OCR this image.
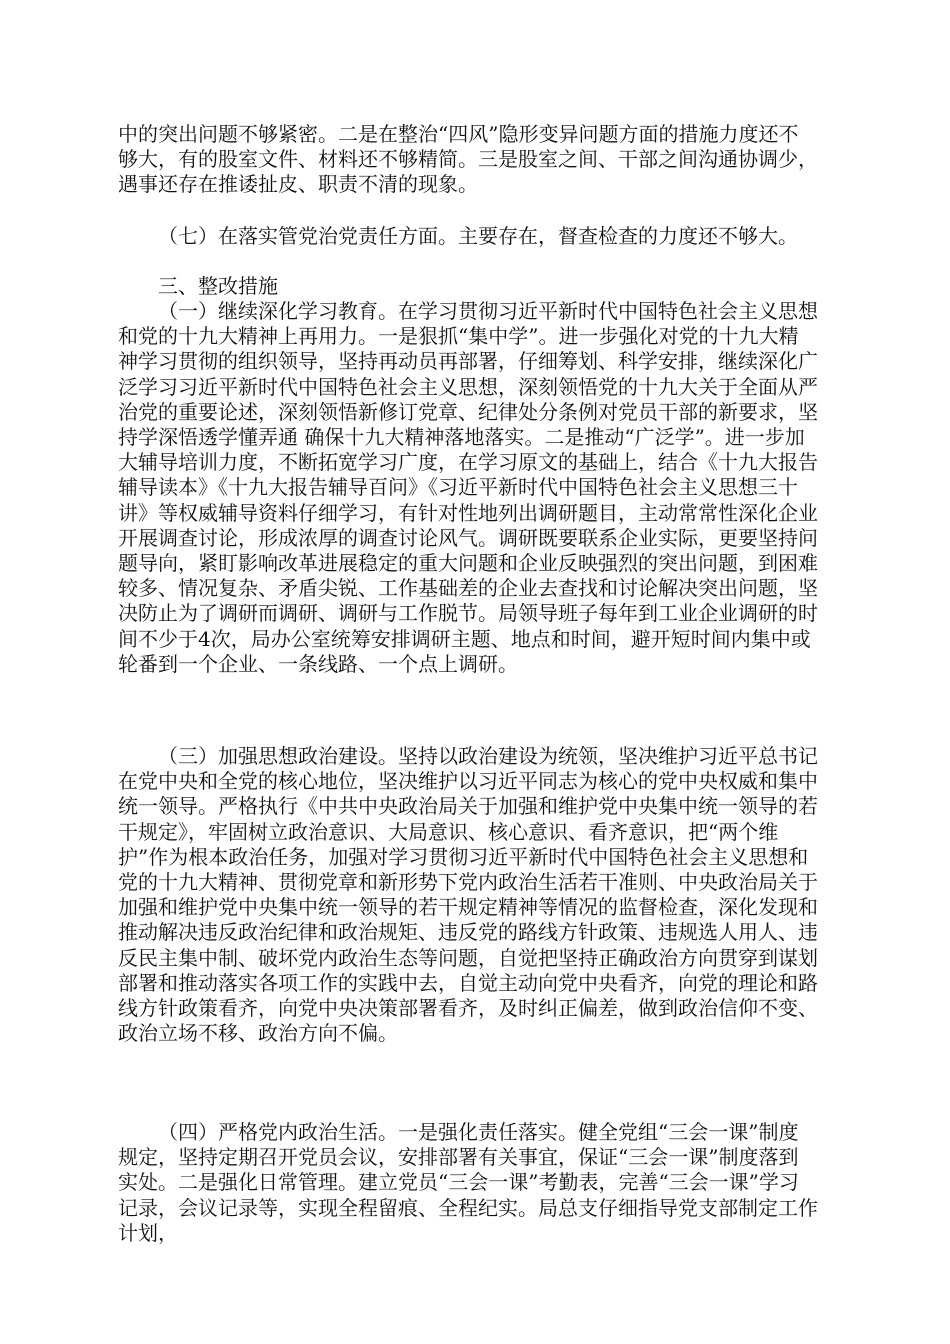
中的突出问题不够紧密。二是在整治“四风”隐形变异问题方面的措施力度还不够大，有的股室文件、材料还不够精简。三是股室之间、干部之间沟通协调少，遇事还存在推诿扯皮、职责不清的现象。

（七）在落实管党治党责任方面。主要存在，督查检查的力度还不够大。

三、整改措施

（一）继续深化学习教育。在学习贯彻习近平新时代中国特色社会主义思想和党的十九大精神上再用力。一是狠抓“集中学”。进一步强化对党的十九大精神学习贯彻的组织领导，坚持再动员再部署，仔细筹划、科学安排，继续深化广泛学习习近平新时代中国特色社会主义思想，深刻领悟党的十九大关于全面从严治党的重要论述，深刻领悟新修订党章、纪律处分条例对党员干部的新要求，坚持学深悟透学懂弄通 确保十九大精神落地落实。二是推动“广泛学”。进一步加大辅导培训力度，不断拓宽学习广度，在学习原文的基础上，结合《十九大报告辅导读本》《十九大报告辅导百问》《习近平新时代中国特色社会主义思想三十讲》等权威辅导资料仔细学习，有针对性地列出调研题目，主动常常性深化企业开展调查讨论，形成浓厚的调查讨论风气。调研既要联系企业实际，更要坚持问题导向，紧盯影响改革进展稳定的重大问题和企业反映强烈的突出问题，到困难较多、情况复杂、矛盾尖锐、工作基础差的企业去查找和讨论解决突出问题，坚决防止为了调研而调研、调研与工作脱节。局领导班子每年到工业企业调研的时间不少于4次，局办公室统筹安排调研主题、地点和时间，避开短时间内集中或轮番到一个企业、一条线路、一个点上调研。

（三）加强思想政治建设。坚持以政治建设为统领，坚决维护习近平总书记在党中央和全党的核心地位，坚决维护以习近平同志为核心的党中央权威和集中统一领导。严格执行《中共中央政治局关于加强和维护党中央集中统一领导的若干规定》，牢固树立政治意识、大局意识、核心意识、看齐意识，把“两个维护”作为根本政治任务，加强对学习贯彻习近平新时代中国特色社会主义思想和党的十九大精神、贯彻党章和新形势下党内政治生活若干准则、中央政治局关于加强和维护党中央集中统一领导的若干规定精神等情况的监督检查，深化发现和推动解决违反政治纪律和政治规矩、违反党的路线方针政策、违规选人用人、违反民主集中制、破坏党内政治生态等问题，自觉把坚持正确政治方向贯穿到谋划部署和推动落实各项工作的实践中去，自觉主动向党中央看齐，向党的理论和路线方针政策看齐，向党中央决策部署看齐，及时纠正偏差，做到政治信仰不变、政治立场不移、政治方向不偏。

（四）严格党内政治生活。一是强化责任落实。健全党组“三会一课”制度规定，坚持定期召开党员会议，安排部署有关事宜，保证“三会一课”制度落到实处。二是强化日常管理。建立党员“三会一课”考勤表，完善“三会一课”学习记录，会议记录等，实现全程留痕、全程纪实。局总支仔细指导党支部制定工作计划，
